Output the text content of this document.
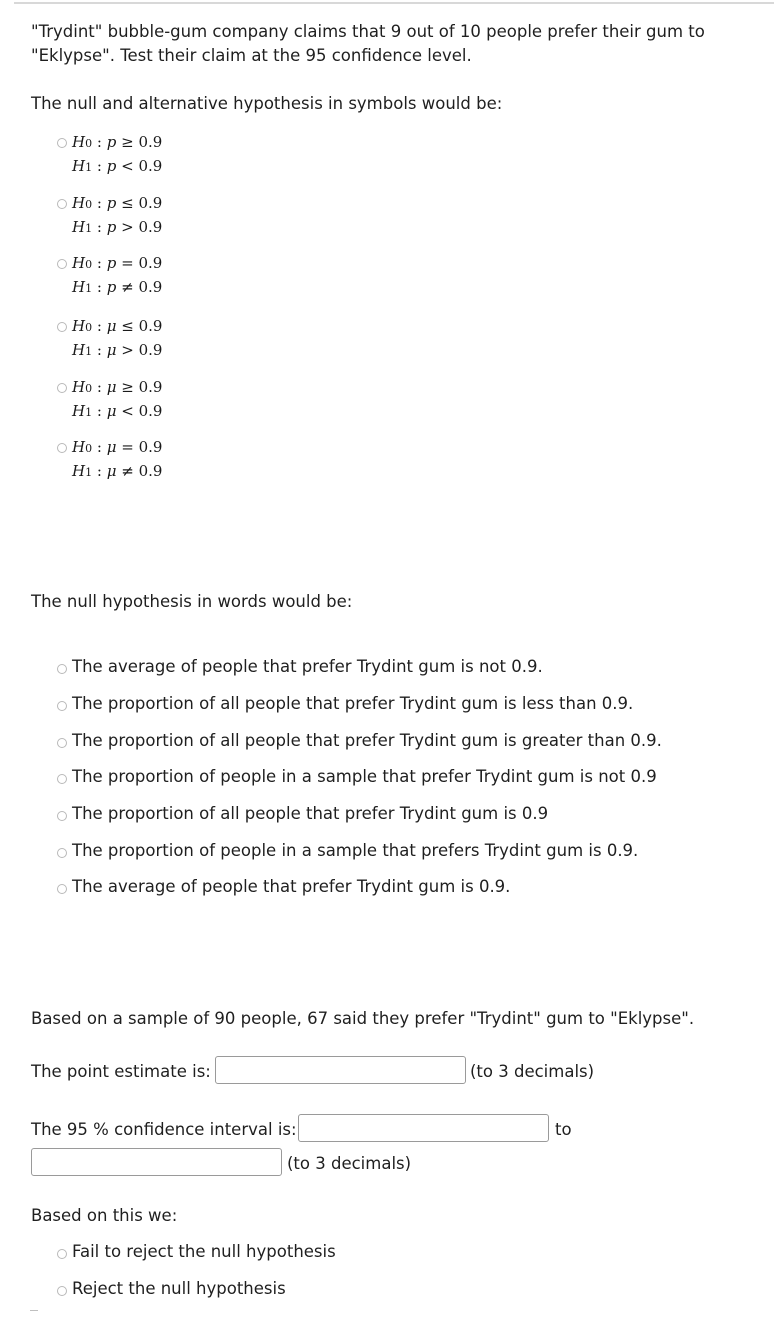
"Trydint" bubble-gum company claims that 9 out of 10 people prefer their gum to
"Eklypse". Test their claim at the 95 confidence level.
The null and alternative hypothesis in symbols would be:
H0 : p ≥ 0.9
H1 : p < 0.9
H0 : p ≤ 0.9
H1 : p > 0.9
H0 : p = 0.9
H1 : p ≠ 0.9
H0 : μ ≤ 0.9
H1 : μ > 0.9
H0 : μ ≥ 0.9
H1 : μ < 0.9
H0 : μ = 0.9
H1 : μ ≠ 0.9
The null hypothesis in words would be:
The average of people that prefer Trydint gum is not 0.9.
The proportion of all people that prefer Trydint gum is less than 0.9.
The proportion of all people that prefer Trydint gum is greater than 0.9.
The proportion of people in a sample that prefer Trydint gum is not 0.9
The proportion of all people that prefer Trydint gum is 0.9
The proportion of people in a sample that prefers Trydint gum is 0.9.
The average of people that prefer Trydint gum is 0.9.
Based on a sample of 90 people, 67 said they prefer "Trydint" gum to "Eklypse".
The point estimate is:	(to 3 decimals)
The 95 % confidence interval is:	to
(to 3 decimals)
Based on this we:
Fail to reject the null hypothesis
Reject the null hypothesis
